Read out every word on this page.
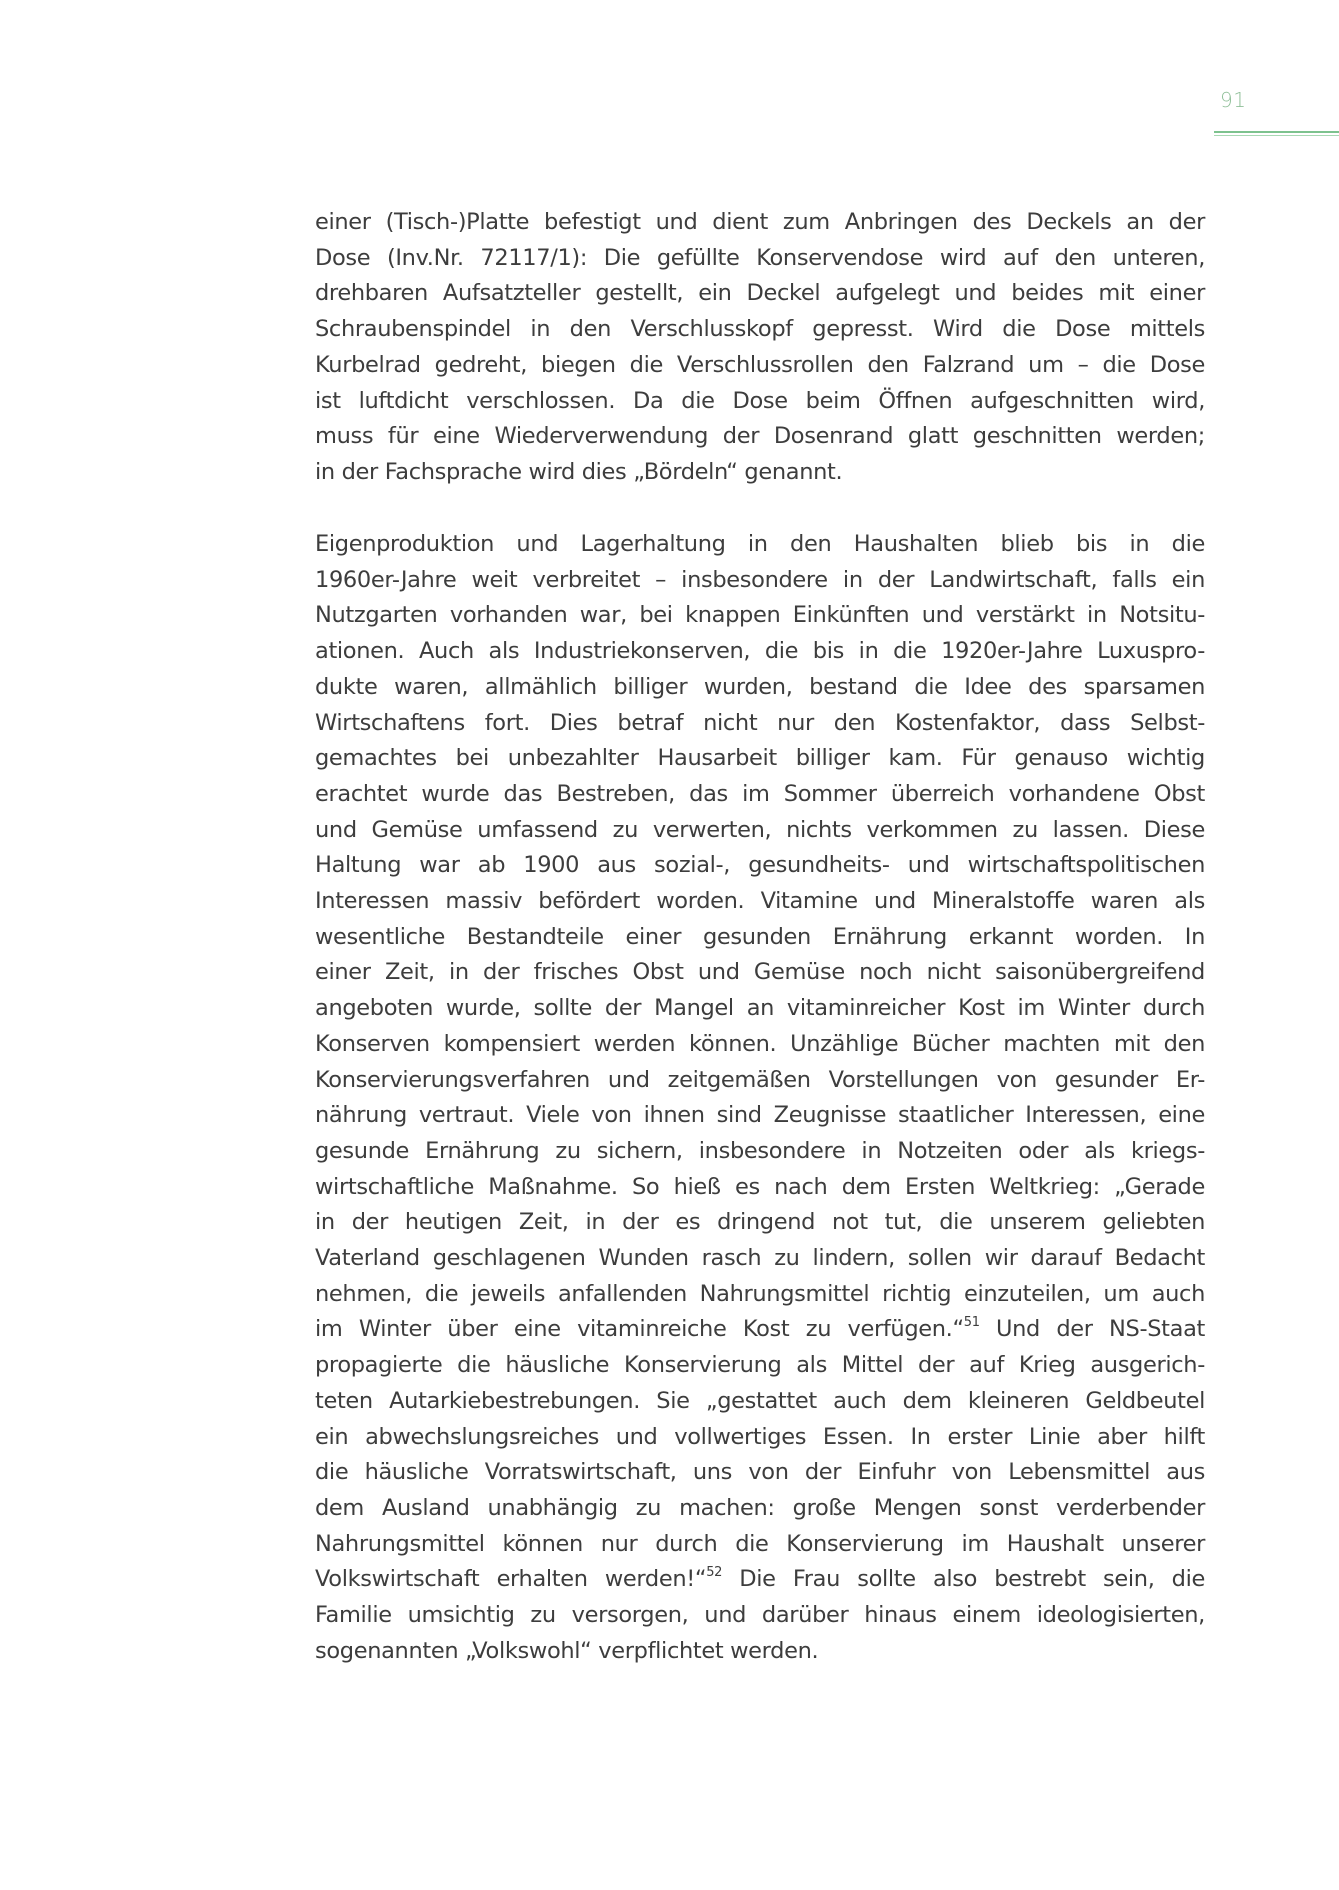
91
einer (Tisch-)Platte befestigt und dient zum Anbringen des Deckels an der
Dose (Inv.Nr. 72117/1): Die gefüllte Konservendose wird auf den unteren,
drehbaren Aufsatzteller gestellt, ein Deckel aufgelegt und beides mit einer
Schraubenspindel in den Verschlusskopf gepresst. Wird die Dose mittels
Kurbelrad gedreht, biegen die Verschlussrollen den Falzrand um – die Dose
ist luftdicht verschlossen. Da die Dose beim Öffnen aufgeschnitten wird,
muss für eine Wiederverwendung der Dosenrand glatt geschnitten werden;
in der Fachsprache wird dies „Bördeln“ genannt.
Eigenproduktion und Lagerhaltung in den Haushalten blieb bis in die
1960er-Jahre weit verbreitet – insbesondere in der Landwirtschaft, falls ein
Nutzgarten vorhanden war, bei knappen Einkünften und verstärkt in Notsitu-
ationen. Auch als Industriekonserven, die bis in die 1920er-Jahre Luxuspro-
dukte waren, allmählich billiger wurden, bestand die Idee des sparsamen
Wirtschaftens fort. Dies betraf nicht nur den Kostenfaktor, dass Selbst-
gemachtes bei unbezahlter Hausarbeit billiger kam. Für genauso wichtig
erachtet wurde das Bestreben, das im Sommer überreich vorhandene Obst
und Gemüse umfassend zu verwerten, nichts verkommen zu lassen. Diese
Haltung war ab 1900 aus sozial-, gesundheits- und wirtschaftspolitischen
Interessen massiv befördert worden. Vitamine und Mineralstoffe waren als
wesentliche Bestandteile einer gesunden Ernährung erkannt worden. In
einer Zeit, in der frisches Obst und Gemüse noch nicht saisonübergreifend
angeboten wurde, sollte der Mangel an vitaminreicher Kost im Winter durch
Konserven kompensiert werden können. Unzählige Bücher machten mit den
Konservierungsverfahren und zeitgemäßen Vorstellungen von gesunder Er-
nährung vertraut. Viele von ihnen sind Zeugnisse staatlicher Interessen, eine
gesunde Ernährung zu sichern, insbesondere in Notzeiten oder als kriegs-
wirtschaftliche Maßnahme. So hieß es nach dem Ersten Weltkrieg: „Gerade
in der heutigen Zeit, in der es dringend not tut, die unserem geliebten
Vaterland geschlagenen Wunden rasch zu lindern, sollen wir darauf Bedacht
nehmen, die jeweils anfallenden Nahrungsmittel richtig einzuteilen, um auch
im Winter über eine vitaminreiche Kost zu verfügen.“$^{51}$ Und der NS-Staat
propagierte die häusliche Konservierung als Mittel der auf Krieg ausgerich-
teten Autarkiebestrebungen. Sie „gestattet auch dem kleineren Geldbeutel
ein abwechslungsreiches und vollwertiges Essen. In erster Linie aber hilft
die häusliche Vorratswirtschaft, uns von der Einfuhr von Lebensmittel aus
dem Ausland unabhängig zu machen: große Mengen sonst verderbender
Nahrungsmittel können nur durch die Konservierung im Haushalt unserer
Volkswirtschaft erhalten werden!“$^{52}$ Die Frau sollte also bestrebt sein, die
Familie umsichtig zu versorgen, und darüber hinaus einem ideologisierten,
sogenannten „Volkswohl“ verpflichtet werden.
